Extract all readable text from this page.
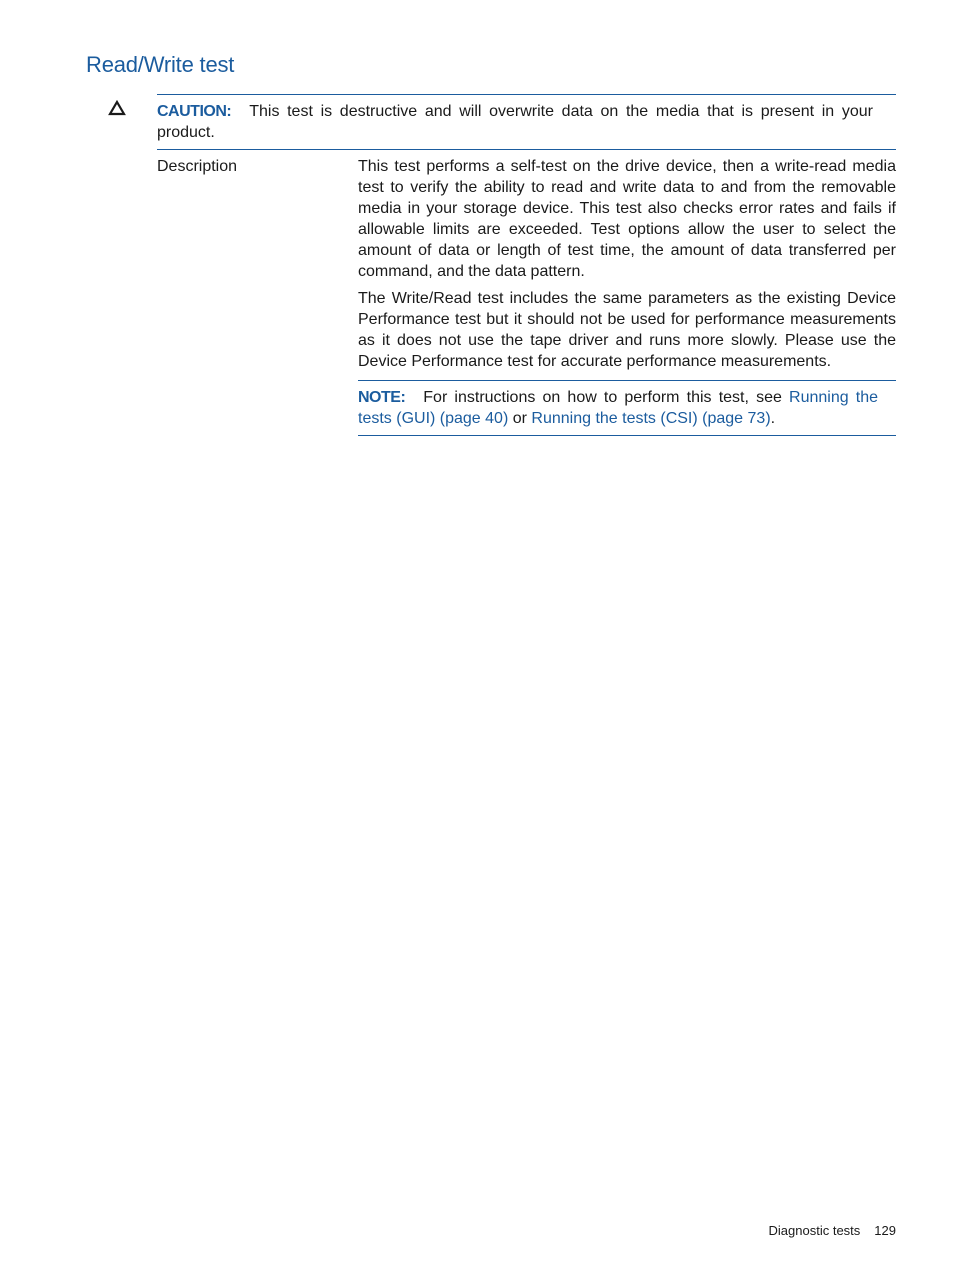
Read/Write test
CAUTION: This test is destructive and will overwrite data on the media that is present in your product.
Description	This test performs a self-test on the drive device, then a write-read media test to verify the ability to read and write data to and from the removable media in your storage device. This test also checks error rates and fails if allowable limits are exceeded. Test options allow the user to select the amount of data or length of test time, the amount of data transferred per command, and the data pattern.

The Write/Read test includes the same parameters as the existing Device Performance test but it should not be used for performance measurements as it does not use the tape driver and runs more slowly. Please use the Device Performance test for accurate performance measurements.

NOTE: For instructions on how to perform this test, see Running the tests (GUI) (page 40) or Running the tests (CSI) (page 73).
Diagnostic tests 129
